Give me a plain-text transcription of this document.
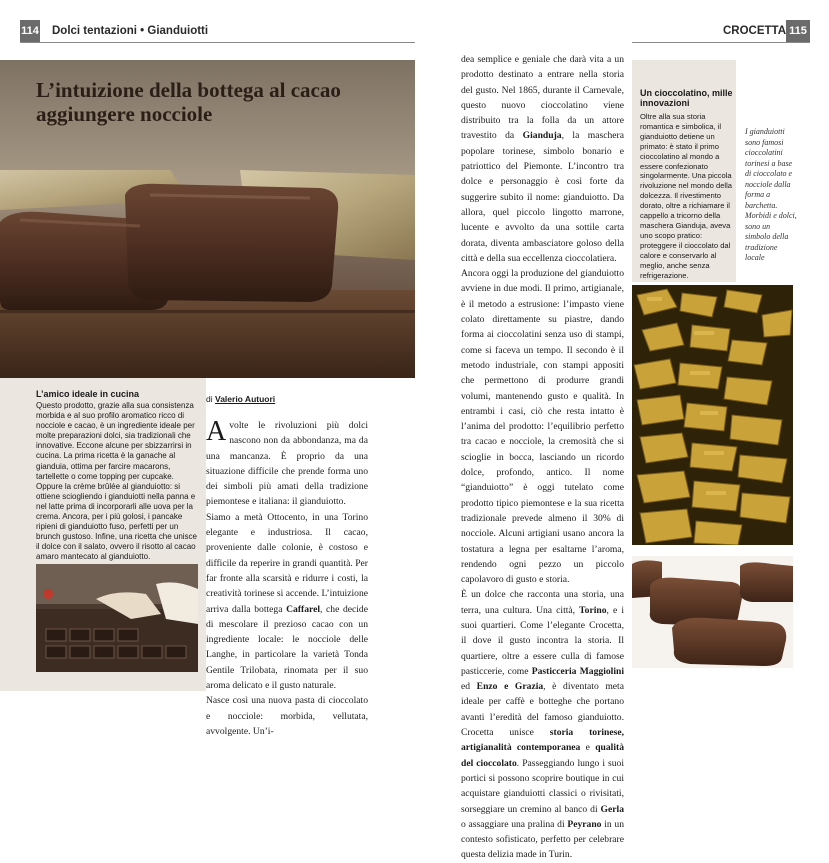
114 Dolci tentazioni • Gianduiotti	CROCETTA 115
L’intuizione della bottega al cacao aggiungere nocciole
L’amico ideale in cucina
Questo prodotto, grazie alla sua consistenza morbida e al suo profilo aromatico ricco di nocciole e cacao, è un ingrediente ideale per molte preparazioni dolci, sia tradizionali che innovative. Eccone alcune per sbizzarrirsi in cucina. La prima ricetta è la ganache al gianduia, ottima per farcire macarons, tartellette o come topping per cupcake. Oppure la crème brûlée al gianduiotto: si ottiene sciogliendo i gianduiotti nella panna e nel latte prima di incorporarli alle uova per la crema. Ancora, per i più golosi, i pancake ripieni di gianduiotto fuso, perfetti per un brunch gustoso. Infine, una ricetta che unisce il dolce con il salato, ovvero il risotto al cacao amaro mantecato al gianduiotto.
di Valerio Autuori
Avolte le rivoluzioni più dolci nascono non da abbondanza, ma da una mancanza. È proprio da una situazione difficile che prende forma uno dei simboli più amati della tradizione piemontese e italiana: il gianduiotto.
Siamo a metà Ottocento, in una Torino elegante e industriosa. Il cacao, proveniente dalle colonie, è costoso e difficile da reperire in grandi quantità. Per far fronte alla scarsità e ridurre i costi, la creatività torinese si accende. L’intuizione arriva dalla bottega Caffarel, che decide di mescolare il prezioso cacao con un ingrediente locale: le nocciole delle Langhe, in particolare la varietà Tonda Gentile Trilobata, rinomata per il suo aroma delicato e il gusto naturale.
Nasce così una nuova pasta di cioccolato e nocciole: morbida, vellutata, avvolgente. Un’i-
dea semplice e geniale che darà vita a un prodotto destinato a entrare nella storia del gusto. Nel 1865, durante il Carnevale, questo nuovo cioccolatino viene distribuito tra la folla da un attore travestito da Gianduja, la maschera popolare torinese, simbolo bonario e patriottico del Piemonte. L’incontro tra dolce e personaggio è così forte da suggerire subito il nome: gianduiotto. Da allora, quel piccolo lingotto marrone, lucente e avvolto da una sottile carta dorata, diventa ambasciatore goloso della città e della sua eccellenza cioccolatiera.
Ancora oggi la produzione del gianduiotto avviene in due modi. Il primo, artigianale, è il metodo a estrusione: l’impasto viene colato direttamente su piastre, dando forma ai cioccolatini senza uso di stampi, come si faceva un tempo. Il secondo è il metodo industriale, con stampi appositi che permettono di produrre grandi volumi, mantenendo gusto e qualità. In entrambi i casi, ciò che resta intatto è l’anima del prodotto: l’equilibrio perfetto tra cacao e nocciole, la cremosità che si scioglie in bocca, lasciando un ricordo dolce, profondo, antico. Il nome “gianduiotto” è oggi tutelato come prodotto tipico piemontese e la sua ricetta tradizionale prevede almeno il 30% di nocciole. Alcuni artigiani usano ancora la tostatura a legna per esaltarne l’aroma, rendendo ogni pezzo un piccolo capolavoro di gusto e storia.
È un dolce che racconta una storia, una terra, una cultura. Una città, Torino, e i suoi quartieri. Come l’elegante Crocetta, il dove il gusto incontra la storia. Il quartiere, oltre a essere culla di famose pasticcerie, come Pasticceria Maggiolini ed Enzo e Grazia, è diventato meta ideale per caffè e botteghe che portano avanti l’eredità del famoso gianduiotto. Crocetta unisce storia torinese, artigianalità contemporanea e qualità del cioccolato. Passeggiando lungo i suoi portici si possono scoprire boutique in cui acquistare gianduiotti classici o rivisitati, sorseggiare un cremino al banco di Gerla o assaggiare una pralina di Peyrano in un contesto sofisticato, perfetto per celebrare questa delizia made in Turin.
Un cioccolatino, mille innovazioni
Oltre alla sua storia romantica e simbolica, il gianduiotto detiene un primato: è stato il primo cioccolatino al mondo a essere confezionato singolarmente. Una piccola rivoluzione nel mondo della dolcezza. Il rivestimento dorato, oltre a richiamare il cappello a tricorno della maschera Gianduja, aveva uno scopo pratico: proteggere il cioccolato dal calore e conservarlo al meglio, anche senza refrigerazione.
I gianduiotti sono famosi cioccolatini torinesi a base di cioccolato e nocciole dalla forma a barchetta. Morbidi e dolci, sono un simbolo della tradizione locale
